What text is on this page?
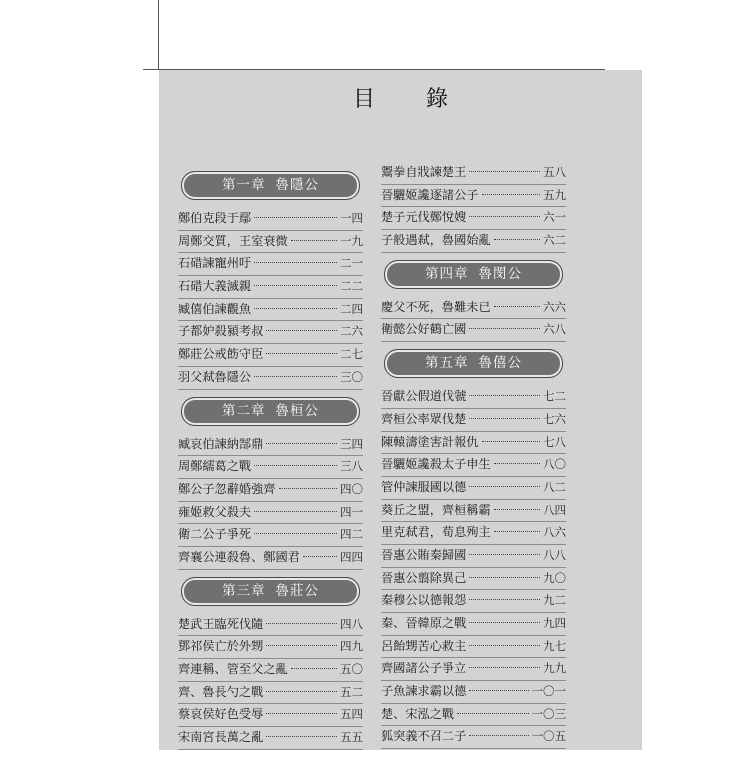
目 錄
第一章 魯隱公
鄭伯克段于鄢	一四
周鄭交質，王室衰微	一九
石碏諫寵州吁	二一
石碏大義滅親	二二
臧僖伯諫觀魚	二四
子都妒殺潁考叔	二六
鄭莊公戒飭守臣	二七
羽父弒魯隱公	三〇
第二章 魯桓公
臧哀伯諫納郜鼎	三四
周鄭繻葛之戰	三八
鄭公子忽辭婚強齊	四〇
雍姬救父殺夫	四一
衛二公子爭死	四二
齊襄公連殺魯、鄭國君	四四
第三章 魯莊公
楚武王臨死伐隨	四八
鄧祁侯亡於外甥	四九
齊連稱、管至父之亂	五〇
齊、魯長勺之戰	五二
蔡哀侯好色受辱	五四
宋南宮長萬之亂	五五
鬻拳自戕諫楚王	五八
晉驪姬讒逐諸公子	五九
楚子元伐鄭悅嫂	六一
子般遇弒，魯國始亂	六二
第四章 魯閔公
慶父不死，魯難未已	六六
衛懿公好鶴亡國	六八
第五章 魯僖公
晉獻公假道伐虢	七二
齊桓公率眾伐楚	七六
陳轅濤塗害計報仇	七八
晉驪姬讒殺太子申生	八〇
管仲諫服國以德	八二
葵丘之盟，齊桓稱霸	八四
里克弒君，荀息殉主	八六
晉惠公賄秦歸國	八八
晉惠公翦除異己	九〇
秦穆公以德報怨	九二
秦、晉韓原之戰	九四
呂飴甥苦心救主	九七
齊國諸公子爭立	九九
子魚諫求霸以德	一〇一
楚、宋泓之戰	一〇三
狐突義不召二子	一〇五
